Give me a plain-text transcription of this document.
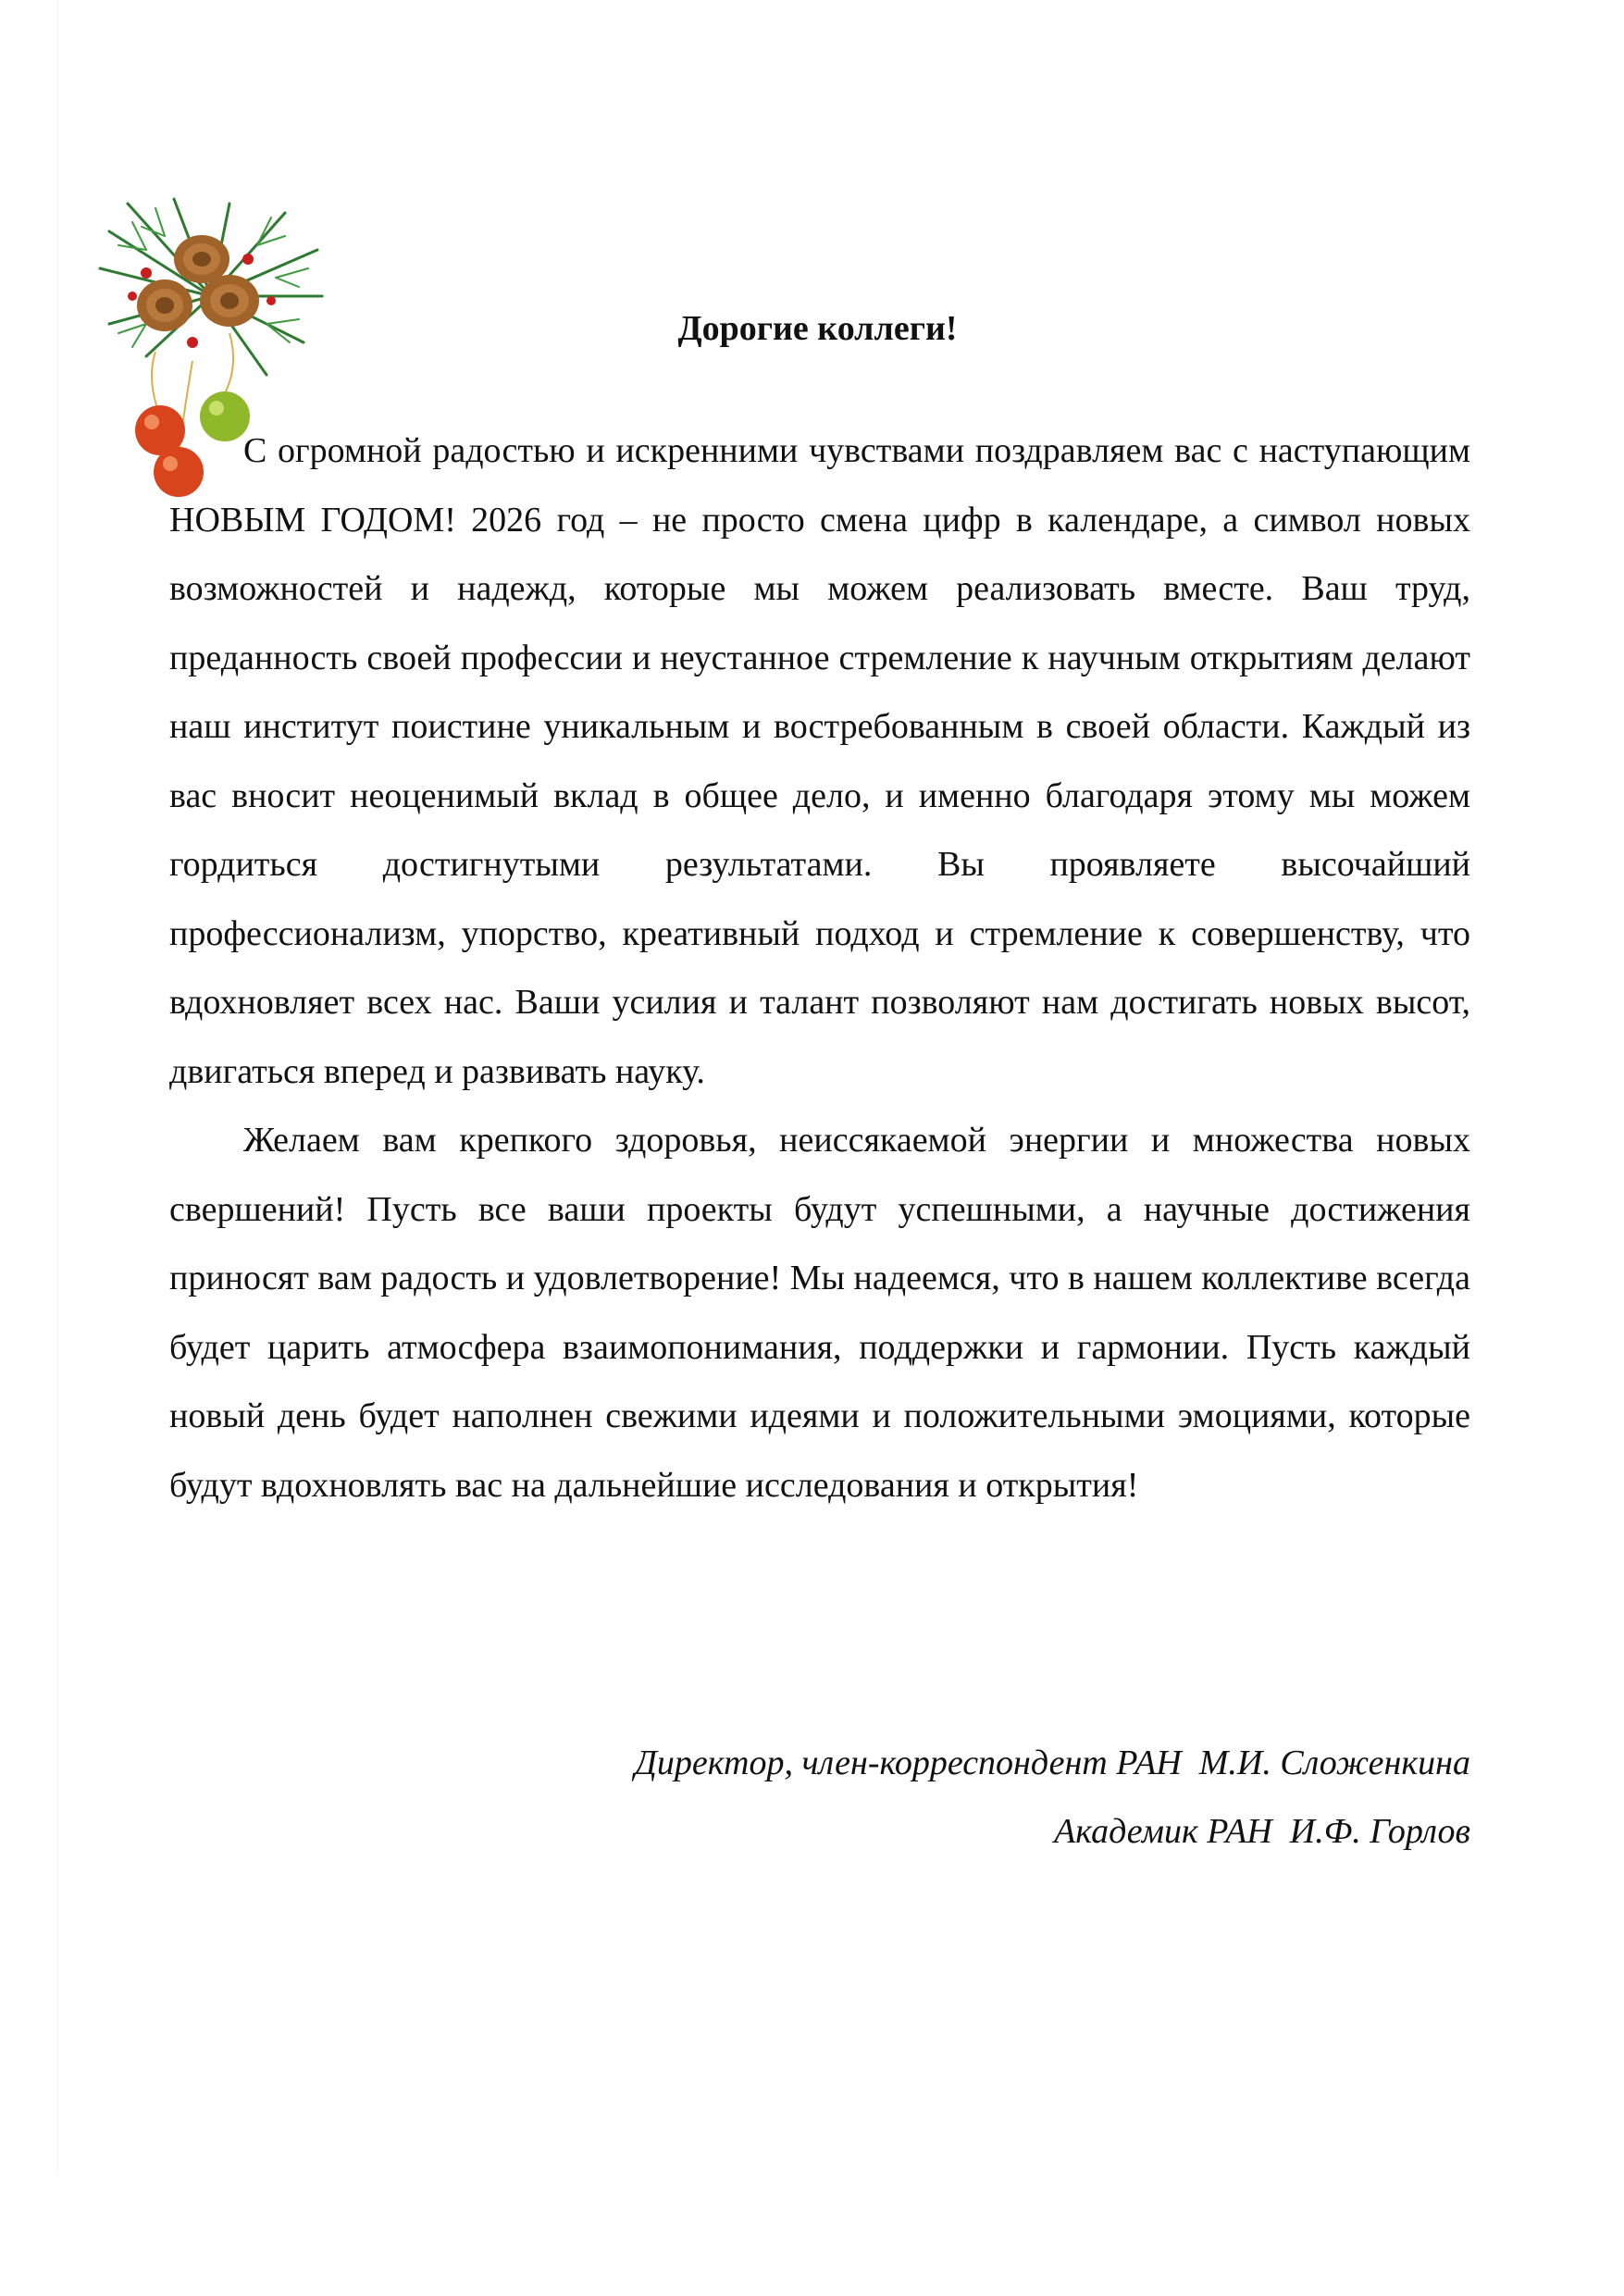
Дорогие коллеги!

С огромной радостью и искренними чувствами поздравляем вас с наступающим НОВЫМ ГОДОМ! 2026 год – не просто смена цифр в календаре, а символ новых возможностей и надежд, которые мы можем реализовать вместе. Ваш труд, преданность своей профессии и неустанное стремление к научным открытиям делают наш институт поистине уникальным и востребованным в своей области. Каждый из вас вносит неоценимый вклад в общее дело, и именно благодаря этому мы можем гордиться достигнутыми результатами. Вы проявляете высочайший профессионализм, упорство, креативный подход и стремление к совершенству, что вдохновляет всех нас. Ваши усилия и талант позволяют нам достигать новых высот, двигаться вперед и развивать науку.

Желаем вам крепкого здоровья, неиссякаемой энергии и множества новых свершений! Пусть все ваши проекты будут успешными, а научные достижения приносят вам радость и удовлетворение! Мы надеемся, что в нашем коллективе всегда будет царить атмосфера взаимопонимания, поддержки и гармонии. Пусть каждый новый день будет наполнен свежими идеями и положительными эмоциями, которые будут вдохновлять вас на дальнейшие исследования и открытия!

Директор, член-корреспондент РАН  М.И. Сложенкина
Академик РАН  И.Ф. Горлов
